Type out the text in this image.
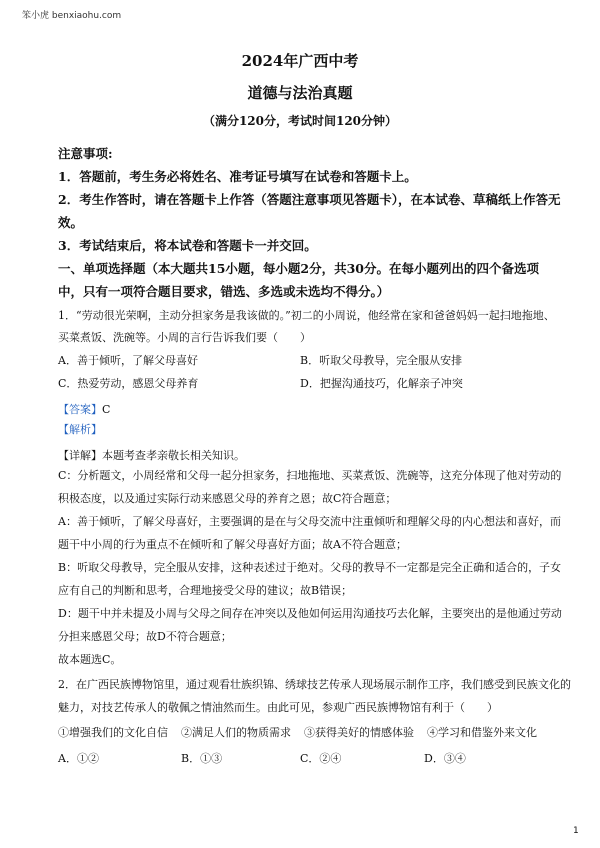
笨小虎 benxiaohu.com
2024年广西中考
道德与法治真题
（满分120分，考试时间120分钟）
注意事项:
1．答题前，考生务必将姓名、准考证号填写在试卷和答题卡上。
2．考生作答时，请在答题卡上作答（答题注意事项见答题卡），在本试卷、草稿纸上作答无
效。
3．考试结束后，将本试卷和答题卡一并交回。
一、单项选择题（本大题共15小题，每小题2分，共30分。在每小题列出的四个备选项
中，只有一项符合题目要求，错选、多选或未选均不得分。）
1．“劳动很光荣啊，主动分担家务是我该做的。”初二的小周说，他经常在家和爸爸妈妈一起扫地拖地、
买菜煮饭、洗碗等。小周的言行告诉我们要（　　）
A．善于倾听，了解父母喜好	B．听取父母教导，完全服从安排
C．热爱劳动，感恩父母养育	D．把握沟通技巧，化解亲子冲突
【答案】C
【解析】
【详解】本题考查孝亲敬长相关知识。
C：分析题文，小周经常和父母一起分担家务，扫地拖地、买菜煮饭、洗碗等，这充分体现了他对劳动的
积极态度，以及通过实际行动来感恩父母的养育之恩；故C符合题意；
A：善于倾听，了解父母喜好，主要强调的是在与父母交流中注重倾听和理解父母的内心想法和喜好，而
题干中小周的行为重点不在倾听和了解父母喜好方面；故A不符合题意；
B：听取父母教导，完全服从安排，这种表述过于绝对。父母的教导不一定都是完全正确和适合的，子女
应有自己的判断和思考，合理地接受父母的建议；故B错误；
D：题干中并未提及小周与父母之间存在冲突以及他如何运用沟通技巧去化解，主要突出的是他通过劳动
分担来感恩父母；故D不符合题意；
故本题选C。
2．在广西民族博物馆里，通过观看壮族织锦、绣球技艺传承人现场展示制作工序，我们感受到民族文化的
魅力，对技艺传承人的敬佩之情油然而生。由此可见，参观广西民族博物馆有利于（　　）
①增强我们的文化自信 ②满足人们的物质需求 ③获得美好的情感体验 ④学习和借鉴外来文化
A．①②	B．①③	C．②④	D．③④
1
